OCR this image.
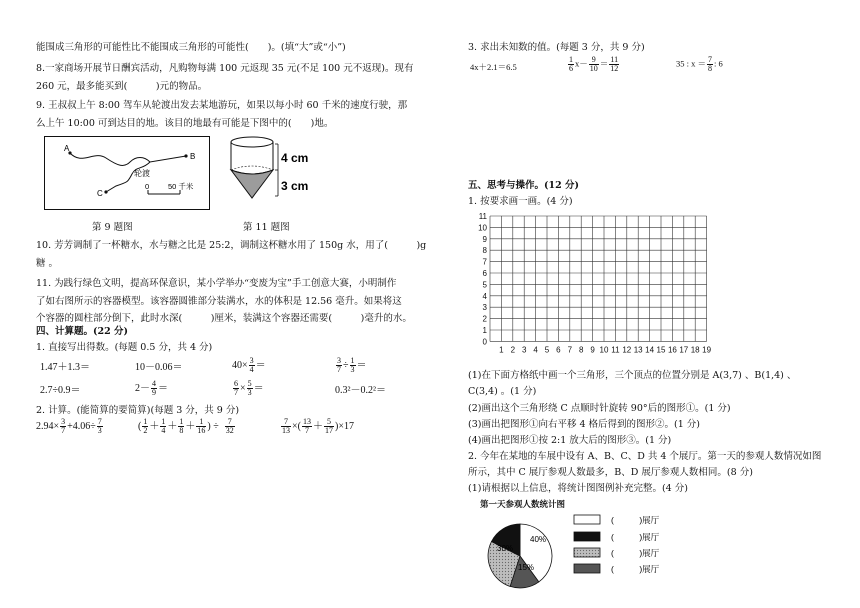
能围成三角形的可能性比不能围成三角形的可能性(　　)。(填“大”或“小”)
8.一家商场开展节日酬宾活动，凡购物每满 100 元返现 35 元(不足 100 元不返现)。现有
260 元，最多能买到(　　　)元的物品。
9. 王叔叔上午 8:00 驾车从轮渡出发去某地游玩，如果以每小时 60 千米的速度行驶，那
么上午 10:00 可到达目的地。该目的地最有可能是下图中的(　　)地。
A
B
C
轮渡
0	50 千米
4 cm
3 cm
第 9 题图	第 11 题图
10. 芳芳调制了一杯糖水，水与糖之比是 25:2，调制这杯糖水用了 150g 水，用了(　　　)g
糖 。
11. 为践行绿色文明，提高环保意识，某小学举办“变废为宝”手工创意大赛，小明制作
了如右图所示的容器模型。该容器圆锥部分装满水，水的体积是 12.56 毫升。如果将这
个容器的圆柱部分倒下，此时水深(　　　)厘米，装满这个容器还需要(　　　)毫升的水。
四、计算题。(22 分)
1. 直接写出得数。(每题 0.5 分，共 4 分)
1.47＋1.3＝	10－0.06＝	$40\times \frac{3}{4}$ ＝	$\frac{3}{7} \div \frac{1}{3}$ ＝
2.7÷0.9＝	$2- \frac{4}{9}$ ＝	$\frac{6}{7} \times \frac{5}{3}$ ＝	0.3²－0.2²＝
2. 计算。(能简算的要简算)(每题 3 分，共 9 分)
$2.94\times \frac{3}{7} +4.06\div \frac{7}{3}$	( $\frac{1}{2} + \frac{1}{4} + \frac{1}{8} + \frac{1}{16}$ ) ÷ $\frac{7}{32}$	$\frac{7}{13}$ ×( $\frac{13}{7} + \frac{5}{17} )\times 17$
3. 求出未知数的值。(每题 3 分，共 9 分)
4x＋2.1＝6.5	$\frac{1}{6} x- \frac{9}{10} = \frac{11}{12}$	35 : $x = \frac{7}{8}$ : 6
五、思考与操作。(12 分)
1. 按要求画一画。(4 分)
11
10
9
8
7
6
5
4
3
2
1
0
1 2 3 4 5 6 7 8 9 10 11 12 13 14 15 16 17 18 19
(1)在下面方格纸中画一个三角形，三个顶点的位置分别是 A(3,7) 、B(1,4) 、
C(3,4) 。(1 分)
(2)画出这个三角形绕 C 点顺时针旋转 90°后的图形①。(1 分)
(3)画出把图形①向右平移 4 格后得到的图形②。(1 分)
(4)画出把图形①按 2:1 放大后的图形③。(1 分)
2. 今年在某地的车展中设有 A、B、C、D 共 4 个展厅。第一天的参观人数情况如图
所示，其中 C 展厅参观人数最多，B、D 展厅参观人数相同。(8 分)
(1)请根据以上信息，将统计图图例补充完整。(4 分)
第一天参观人数统计图
40%
30%
15%
(　　　)展厅
(　　　)展厅
(　　　)展厅
(　　　)展厅
